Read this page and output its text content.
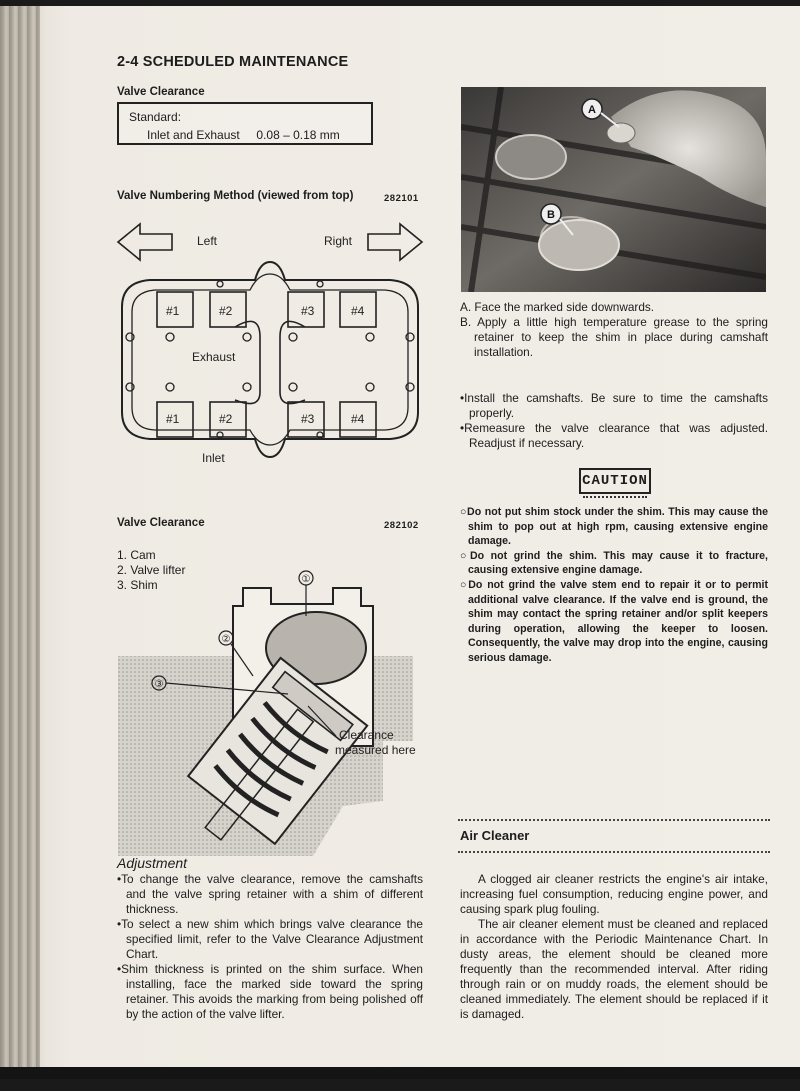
2-4 SCHEDULED MAINTENANCE
Valve Clearance
Standard:
Inlet and Exhaust 0.08 – 0.18 mm
Valve Numbering Method (viewed from top)	282101
Left	Right
Exhaust
Inlet
#1	#2	#3	#4
#1	#2	#3	#4
Valve Clearance	282102
1. Cam
2. Valve lifter
3. Shim	①
②
③
Clearance
measured here
Adjustment
•To change the valve clearance, remove the camshafts and the valve spring retainer with a shim of different thickness.
•To select a new shim which brings valve clearance the specified limit, refer to the Valve Clearance Adjustment Chart.
•Shim thickness is printed on the shim surface. When installing, face the marked side toward the spring retainer. This avoids the marking from being polished off by the action of the valve lifter.
A
B
A. Face the marked side downwards.
B. Apply a little high temperature grease to the spring retainer to keep the shim in place during camshaft installation.
•Install the camshafts. Be sure to time the camshafts properly.
•Remeasure the valve clearance that was adjusted. Readjust if necessary.
CAUTION
○Do not put shim stock under the shim. This may cause the shim to pop out at high rpm, causing extensive engine damage.
○Do not grind the shim. This may cause it to fracture, causing extensive engine damage.
○Do not grind the valve stem end to repair it or to permit additional valve clearance. If the valve end is ground, the shim may contact the spring retainer and/or split keepers during operation, allowing the keeper to loosen. Consequently, the valve may drop into the engine, causing serious damage.
Air Cleaner

A clogged air cleaner restricts the engine's air intake, increasing fuel consumption, reducing engine power, and causing spark plug fouling.

The air cleaner element must be cleaned and replaced in accordance with the Periodic Maintenance Chart. In dusty areas, the element should be cleaned more frequently than the recommended interval. After riding through rain or on muddy roads, the element should be cleaned immediately. The element should be replaced if it is damaged.
